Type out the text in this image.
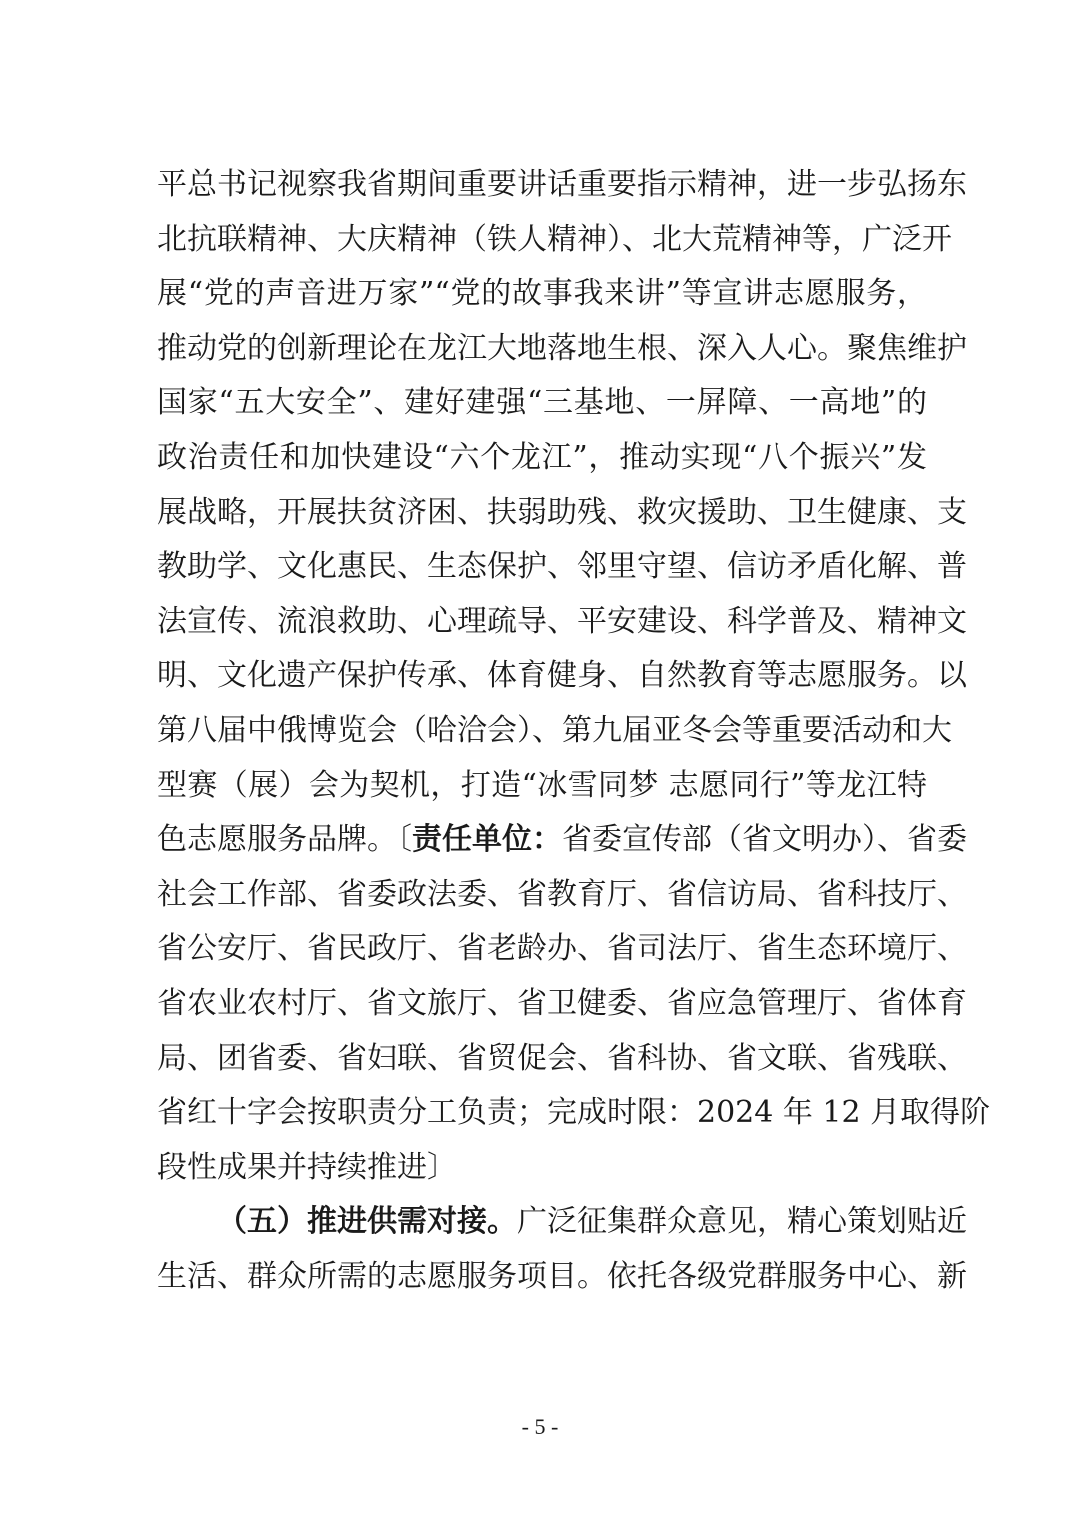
平总书记视察我省期间重要讲话重要指示精神，进一步弘扬东
北抗联精神、大庆精神（铁人精神）、北大荒精神等，广泛开
展“党的声音进万家”“党的故事我来讲”等宣讲志愿服务，
推动党的创新理论在龙江大地落地生根、深入人心。聚焦维护
国家“五大安全”、建好建强“三基地、一屏障、一高地”的
政治责任和加快建设“六个龙江”，推动实现“八个振兴”发
展战略，开展扶贫济困、扶弱助残、救灾援助、卫生健康、支
教助学、文化惠民、生态保护、邻里守望、信访矛盾化解、普
法宣传、流浪救助、心理疏导、平安建设、科学普及、精神文
明、文化遗产保护传承、体育健身、自然教育等志愿服务。以
第八届中俄博览会（哈洽会）、第九届亚冬会等重要活动和大
型赛（展）会为契机，打造“冰雪同梦 志愿同行”等龙江特
色志愿服务品牌。〔责任单位：省委宣传部（省文明办）、省委
社会工作部、省委政法委、省教育厅、省信访局、省科技厅、
省公安厅、省民政厅、省老龄办、省司法厅、省生态环境厅、
省农业农村厅、省文旅厅、省卫健委、省应急管理厅、省体育
局、团省委、省妇联、省贸促会、省科协、省文联、省残联、
省红十字会按职责分工负责；完成时限：2024 年 12 月取得阶
段性成果并持续推进〕
（五）推进供需对接。广泛征集群众意见，精心策划贴近
生活、群众所需的志愿服务项目。依托各级党群服务中心、新
- 5 -
